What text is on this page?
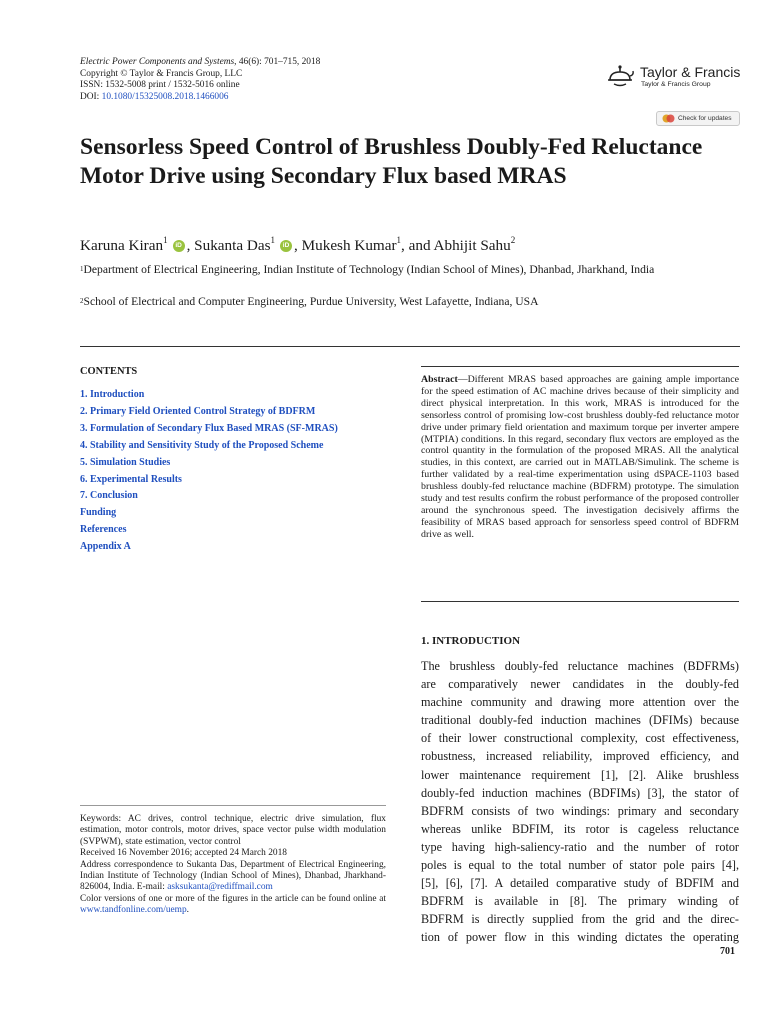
Electric Power Components and Systems, 46(6): 701–715, 2018
Copyright © Taylor & Francis Group, LLC
ISSN: 1532-5008 print / 1532-5016 online
DOI: 10.1080/15325008.2018.1466006
Taylor & Francis
Taylor & Francis Group
Check for updates
Sensorless Speed Control of Brushless Doubly-Fed Reluctance Motor Drive using Secondary Flux based MRAS
Karuna Kiran$^1$iD , Sukanta Das$^1$iD , Mukesh Kumar$^1$, and Abhijit Sahu$^2$
$^1$Department of Electrical Engineering, Indian Institute of Technology (Indian School of Mines), Dhanbad, Jharkhand, India
$^2$School of Electrical and Computer Engineering, Purdue University, West Lafayette, Indiana, USA
CONTENTS
1. Introduction
2. Primary Field Oriented Control Strategy of BDFRM
3. Formulation of Secondary Flux Based MRAS (SF-MRAS)
4. Stability and Sensitivity Study of the Proposed Scheme
5. Simulation Studies
6. Experimental Results
7. Conclusion
Funding
References
Appendix A
Abstract—Different MRAS based approaches are gaining ample importance for the speed estimation of AC machine drives because of their simplicity and direct physical interpretation. In this work, MRAS is introduced for the sensorless control of promising low-cost brushless doubly-fed reluctance motor drive under primary field orientation and maximum torque per inverter ampere (MTPIA) conditions. In this regard, secondary flux vectors are employed as the control quantity in the formulation of the proposed MRAS. All the analytical studies, in this context, are carried out in MATLAB/Simulink. The scheme is further validated by a real-time experimentation using dSPACE-1103 based brushless doubly-fed reluctance machine (BDFRM) prototype. The simulation study and test results confirm the robust performance of the proposed controller around the synchronous speed. The investigation decisively affirms the feasibility of MRAS based approach for sensorless speed control of BDFRM drive as well.

Keywords: AC drives, control technique, electric drive simulation, flux estimation, motor controls, motor drives, space vector pulse width modulation (SVPWM), state estimation, vector control

Received 16 November 2016; accepted 24 March 2018

Address correspondence to Sukanta Das, Department of Electrical Engineering, Indian Institute of Technology (Indian School of Mines), Dhanbad, Jharkhand-826004, India. E-mail: asksukanta@rediffmail.com

Color versions of one or more of the figures in the article can be found online at www.tandfonline.com/uemp.

1. INTRODUCTION
The brushless doubly-fed reluctance machines (BDFRMs)
are comparatively newer candidates in the doubly-fed
machine community and drawing more attention over the
traditional doubly-fed induction machines (DFIMs) because
of their lower constructional complexity, cost effectiveness,
robustness, increased reliability, improved efficiency, and
lower maintenance requirement [1], [2]. Alike brushless
doubly-fed induction machines (BDFIMs) [3], the stator of
BDFRM consists of two windings: primary and secondary
whereas unlike BDFIM, its rotor is cageless reluctance
type having high-saliency-ratio and the number of rotor
poles is equal to the total number of stator pole pairs [4],
[5], [6], [7]. A detailed comparative study of BDFIM and
BDFRM is available in [8]. The primary winding of
BDFRM is directly supplied from the grid and the direc-
tion of power flow in this winding dictates the operating
701
